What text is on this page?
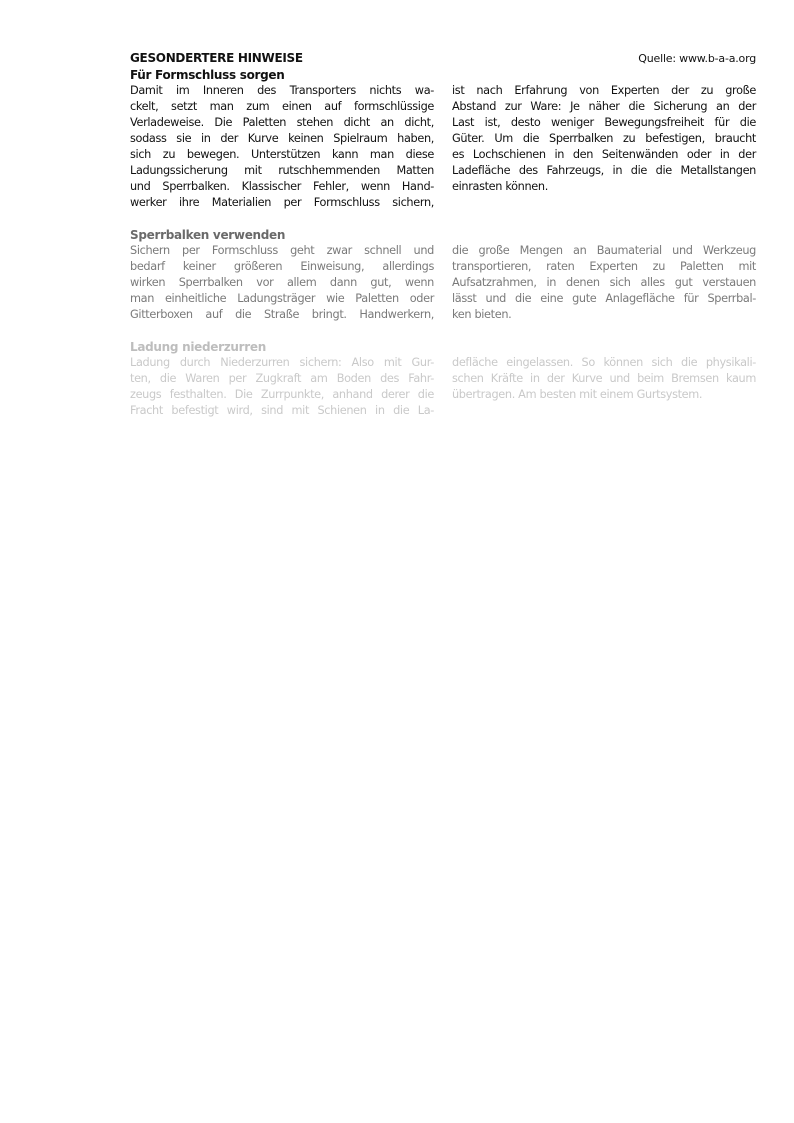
GESONDERTERE HINWEISE	Quelle: www.b-a-a.org
Für Formschluss sorgen
Damit im Inneren des Transporters nichts wa-
ckelt, setzt man zum einen auf formschlüssige
Verladeweise. Die Paletten stehen dicht an dicht,
sodass sie in der Kurve keinen Spielraum haben,
sich zu bewegen. Unterstützen kann man diese
Ladungssicherung mit rutschhemmenden Matten
und Sperrbalken. Klassischer Fehler, wenn Hand-
werker ihre Materialien per Formschluss sichern,
ist nach Erfahrung von Experten der zu große
Abstand zur Ware: Je näher die Sicherung an der
Last ist, desto weniger Bewegungsfreiheit für die
Güter. Um die Sperrbalken zu befestigen, braucht
es Lochschienen in den Seitenwänden oder in der
Ladefläche des Fahrzeugs, in die die Metallstangen
einrasten können.
Sperrbalken verwenden
Sichern per Formschluss geht zwar schnell und
bedarf keiner größeren Einweisung, allerdings
wirken Sperrbalken vor allem dann gut, wenn
man einheitliche Ladungsträger wie Paletten oder
Gitterboxen auf die Straße bringt. Handwerkern,
die große Mengen an Baumaterial und Werkzeug
transportieren, raten Experten zu Paletten mit
Aufsatzrahmen, in denen sich alles gut verstauen
lässt und die eine gute Anlagefläche für Sperrbal-
ken bieten.
Ladung niederzurren
Ladung durch Niederzurren sichern: Also mit Gur-
ten, die Waren per Zugkraft am Boden des Fahr-
zeugs festhalten. Die Zurrpunkte, anhand derer die
Fracht befestigt wird, sind mit Schienen in die La-
defläche eingelassen. So können sich die physikali-
schen Kräfte in der Kurve und beim Bremsen kaum
übertragen. Am besten mit einem Gurtsystem.
